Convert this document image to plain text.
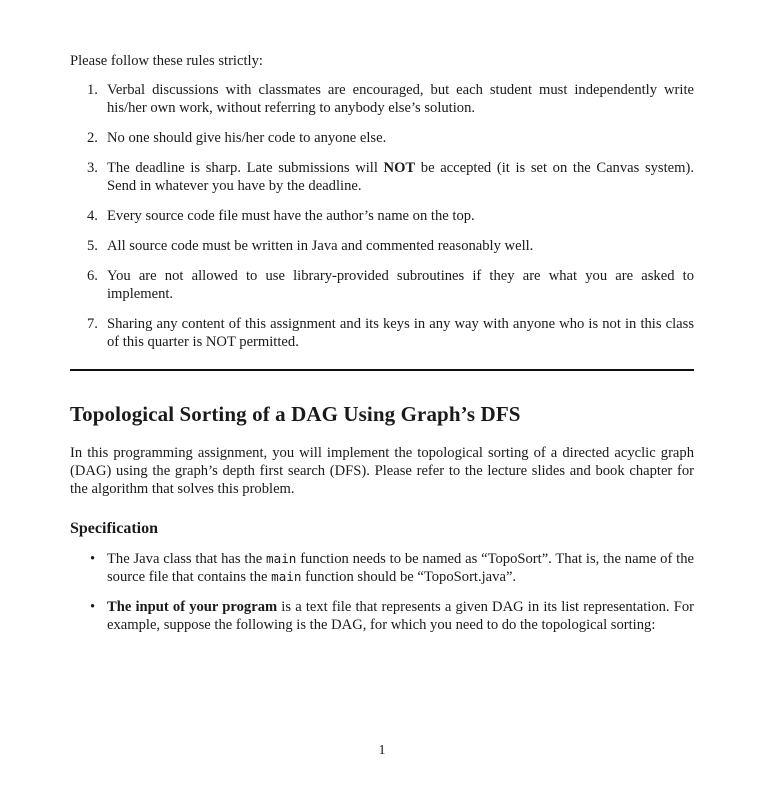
Please follow these rules strictly:

1. Verbal discussions with classmates are encouraged, but each student must independently write his/her own work, without referring to anybody else’s solution.
2. No one should give his/her code to anyone else.
3. The deadline is sharp. Late submissions will NOT be accepted (it is set on the Canvas system). Send in whatever you have by the deadline.
4. Every source code file must have the author’s name on the top.
5. All source code must be written in Java and commented reasonably well.
6. You are not allowed to use library-provided subroutines if they are what you are asked to implement.
7. Sharing any content of this assignment and its keys in any way with anyone who is not in this class of this quarter is NOT permitted.
Topological Sorting of a DAG Using Graph’s DFS

In this programming assignment, you will implement the topological sorting of a directed acyclic graph (DAG) using the graph’s depth first search (DFS). Please refer to the lecture slides and book chapter for the algorithm that solves this problem.

Specification
• The Java class that has the main function needs to be named as “TopoSort”. That is, the name of the source file that contains the main function should be “TopoSort.java”.
• The input of your program is a text file that represents a given DAG in its list representation. For example, suppose the following is the DAG, for which you need to do the topological sorting:
1
